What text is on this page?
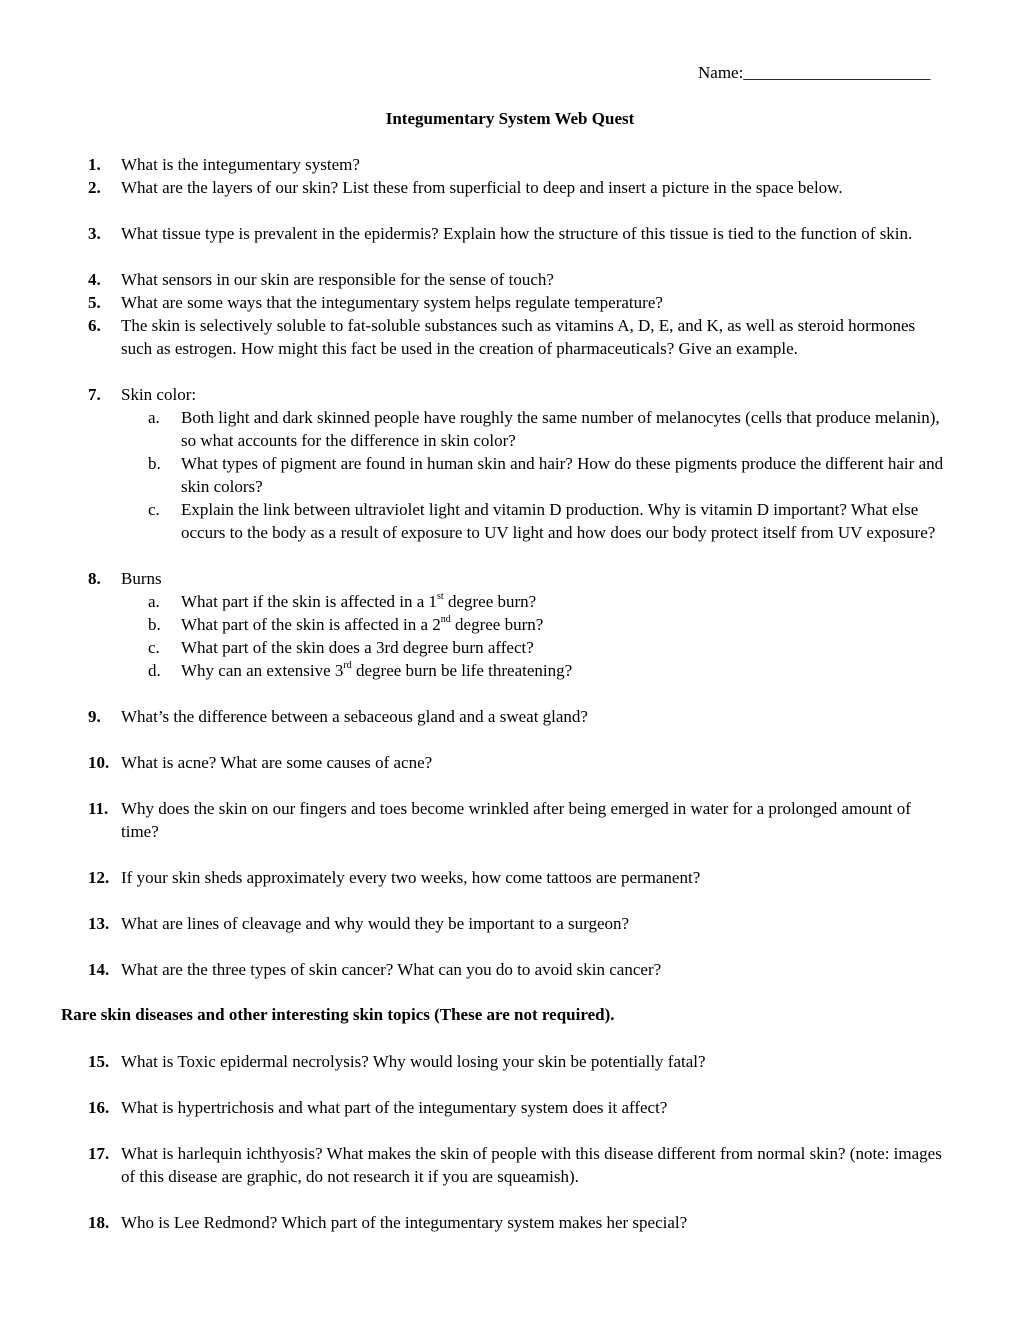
Name:______________________
Integumentary System Web Quest
1.	What is the integumentary system?
2.	What are the layers of our skin? List these from superficial to deep and insert a picture in the space below.
3.	What tissue type is prevalent in the epidermis? Explain how the structure of this tissue is tied to the function of skin.
4.	What sensors in our skin are responsible for the sense of touch?
5.	What are some ways that the integumentary system helps regulate temperature?
6.	The skin is selectively soluble to fat-soluble substances such as vitamins A, D, E, and K, as well as steroid hormones such as estrogen. How might this fact be used in the creation of pharmaceuticals? Give an example.
7.	Skin color:
a.	Both light and dark skinned people have roughly the same number of melanocytes (cells that produce melanin), so what accounts for the difference in skin color?
b.	What types of pigment are found in human skin and hair? How do these pigments produce the different hair and skin colors?
c.	Explain the link between ultraviolet light and vitamin D production. Why is vitamin D important? What else occurs to the body as a result of exposure to UV light and how does our body protect itself from UV exposure?
8.	Burns
a.	What part if the skin is affected in a 1st degree burn?
b.	What part of the skin is affected in a 2nd degree burn?
c.	What part of the skin does a 3rd degree burn affect?
d.	Why can an extensive 3rd degree burn be life threatening?
9.	What’s the difference between a sebaceous gland and a sweat gland?
10. What is acne? What are some causes of acne?
11. Why does the skin on our fingers and toes become wrinkled after being emerged in water for a prolonged amount of time?
12. If your skin sheds approximately every two weeks, how come tattoos are permanent?
13. What are lines of cleavage and why would they be important to a surgeon?
14. What are the three types of skin cancer? What can you do to avoid skin cancer?
Rare skin diseases and other interesting skin topics (These are not required).
15. What is Toxic epidermal necrolysis? Why would losing your skin be potentially fatal?
16. What is hypertrichosis and what part of the integumentary system does it affect?
17. What is harlequin ichthyosis? What makes the skin of people with this disease different from normal skin? (note: images of this disease are graphic, do not research it if you are squeamish).
18. Who is Lee Redmond? Which part of the integumentary system makes her special?
